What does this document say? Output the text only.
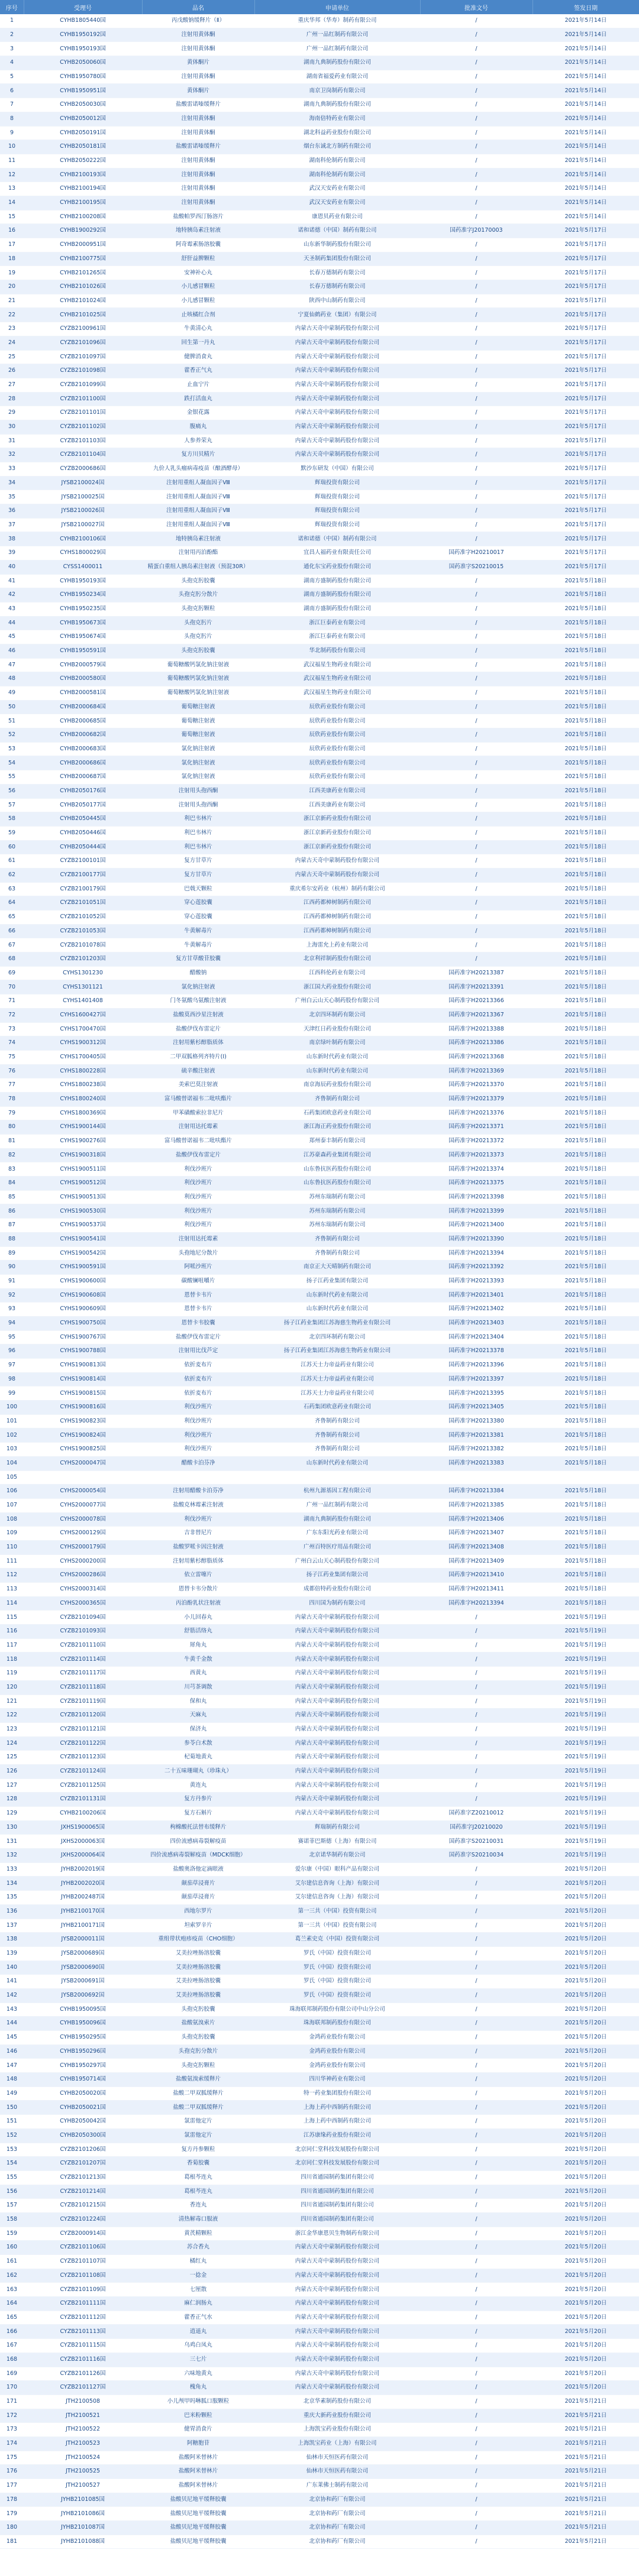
序号	受理号	品名	申请单位	批准文号	签发日期
1	CYHB1805440国	丙戊酸钠缓释片（Ⅱ）	重庆华邦（华寿）制药有限公司	/	2021年5月14日
2	CYHB1950192国	注射用黄体酮	广州一品红制药有限公司	/	2021年5月14日
3	CYHB1950193国	注射用黄体酮	广州一品红制药有限公司	/	2021年5月14日
4	CYHB2050060国	黄体酮片	湖南九典制药股份有限公司	/	2021年5月14日
5	CYHB1950780国	注射用黄体酮	湖南省福爱药业有限公司	/	2021年5月14日
6	CYHB1950951国	黄体酮片	南京卫岗制药有限公司	/	2021年5月14日
7	CYHB2050030国	盐酸雷诺嗪缓释片	湖南九典制药股份有限公司	/	2021年5月14日
8	CYHB2050012国	注射用黄体酮	海南倍特药业有限公司	/	2021年5月14日
9	CYHB2050191国	注射用黄体酮	湖北科益药业股份有限公司	/	2021年5月14日
10	CYHB2050181国	盐酸雷诺嗪缓释片	烟台东诚北方制药有限公司	/	2021年5月14日
11	CYHB2050222国	注射用黄体酮	湖南科伦制药有限公司	/	2021年5月14日
12	CYHB2100193国	注射用黄体酮	湖南科伦制药有限公司	/	2021年5月14日
13	CYHB2100194国	注射用黄体酮	武汉天安药业有限公司	/	2021年5月14日
14	CYHB2100195国	注射用黄体酮	武汉天安药业有限公司	/	2021年5月14日
15	CYHB2100208国	盐酸帕罗西汀肠溶片	康恩贝药业有限公司	/	2021年5月14日
16	CYHB1900292国	地特胰岛素注射液	诺和诺德（中国）制药有限公司	国药准字J20170003	2021年5月17日
17	CYHB2000951国	阿奇霉素肠溶胶囊	山东新华制药股份有限公司	/	2021年5月17日
18	CYHB2100775国	舒肝益脾颗粒	天圣制药集团股份有限公司	/	2021年5月17日
19	CYHB2101265国	安神补心丸	长春万德制药有限公司	/	2021年5月17日
20	CYHB2101026国	小儿感冒颗粒	长春万德制药有限公司	/	2021年5月17日
21	CYHB2101024国	小儿感冒颗粒	陕西中山制药有限公司	/	2021年5月17日
22	CYHB2101025国	止咳橘红合剂	宁夏仙鹤药业（集团）有限公司	/	2021年5月17日
23	CYZB2100961国	牛黄清心丸	内蒙古天奇中蒙制药股份有限公司	/	2021年5月17日
24	CYZB2101096国	回生第一丹丸	内蒙古天奇中蒙制药股份有限公司	/	2021年5月17日
25	CYZB2101097国	健脾消食丸	内蒙古天奇中蒙制药股份有限公司	/	2021年5月17日
26	CYZB2101098国	藿香正气丸	内蒙古天奇中蒙制药股份有限公司	/	2021年5月17日
27	CYZB2101099国	止血宁片	内蒙古天奇中蒙制药股份有限公司	/	2021年5月17日
28	CYZB2101100国	跌打活血丸	内蒙古天奇中蒙制药股份有限公司	/	2021年5月17日
29	CYZB2101101国	金银花露	内蒙古天奇中蒙制药股份有限公司	/	2021年5月17日
30	CYZB2101102国	腹痛丸	内蒙古天奇中蒙制药股份有限公司	/	2021年5月17日
31	CYZB2101103国	人参养荣丸	内蒙古天奇中蒙制药股份有限公司	/	2021年5月17日
32	CYZB2101104国	复方川贝精片	内蒙古天奇中蒙制药股份有限公司	/	2021年5月17日
33	CYZB2000686国	九价人乳头瘤病毒疫苗（酿酒酵母）	默沙东研发（中国）有限公司	/	2021年5月17日
34	JYSB2100024国	注射用重组人凝血因子Ⅷ	辉瑞投资有限公司	/	2021年5月17日
35	JYSB2100025国	注射用重组人凝血因子Ⅷ	辉瑞投资有限公司	/	2021年5月17日
36	JYSB2100026国	注射用重组人凝血因子Ⅷ	辉瑞投资有限公司	/	2021年5月17日
37	JYSB2100027国	注射用重组人凝血因子Ⅷ	辉瑞投资有限公司	/	2021年5月17日
38	CYHB2100106国	地特胰岛素注射液	诺和诺德（中国）制药有限公司	/	2021年5月17日
39	CYHS1800029国	注射用丙泊酚酯	宜昌人福药业有限责任公司	国药准字H20210017	2021年5月17日
40	CYSS1400011	精蛋白重组人胰岛素注射液（预混30R）	通化东宝药业股份有限公司	国药准字S20210015	2021年5月17日
41	CYHB1950193国	头孢克肟胶囊	湖南方盛制药股份有限公司	/	2021年5月18日
42	CYHB1950234国	头孢克肟分散片	湖南方盛制药股份有限公司	/	2021年5月18日
43	CYHB1950235国	头孢克肟颗粒	湖南方盛制药股份有限公司	/	2021年5月18日
44	CYHB1950673国	头孢克肟片	浙江巨泰药业有限公司	/	2021年5月18日
45	CYHB1950674国	头孢克肟片	浙江巨泰药业有限公司	/	2021年5月18日
46	CYHB1950591国	头孢克肟胶囊	华北制药股份有限公司	/	2021年5月18日
47	CYHB2000579国	葡萄糖酸钙氯化钠注射液	武汉福星生物药业有限公司	/	2021年5月18日
48	CYHB2000580国	葡萄糖酸钙氯化钠注射液	武汉福星生物药业有限公司	/	2021年5月18日
49	CYHB2000581国	葡萄糖酸钙氯化钠注射液	武汉福星生物药业有限公司	/	2021年5月18日
50	CYHB2000684国	葡萄糖注射液	辰欣药业股份有限公司	/	2021年5月18日
51	CYHB2000685国	葡萄糖注射液	辰欣药业股份有限公司	/	2021年5月18日
52	CYHB2000682国	葡萄糖注射液	辰欣药业股份有限公司	/	2021年5月18日
53	CYHB2000683国	氯化钠注射液	辰欣药业股份有限公司	/	2021年5月18日
54	CYHB2000686国	氯化钠注射液	辰欣药业股份有限公司	/	2021年5月18日
55	CYHB2000687国	氯化钠注射液	辰欣药业股份有限公司	/	2021年5月18日
56	CYHB2050176国	注射用头孢西酮	江西美康药业有限公司	/	2021年5月18日
57	CYHB2050177国	注射用头孢西酮	江西美康药业有限公司	/	2021年5月18日
58	CYHB2050445国	利巴韦林片	浙江京新药业股份有限公司	/	2021年5月18日
59	CYHB2050446国	利巴韦林片	浙江京新药业股份有限公司	/	2021年5月18日
60	CYHB2050444国	利巴韦林片	浙江京新药业股份有限公司	/	2021年5月18日
61	CYZB2100101国	复方甘草片	内蒙古天奇中蒙制药股份有限公司	/	2021年5月18日
62	CYZB2100177国	复方甘草片	内蒙古天奇中蒙制药股份有限公司	/	2021年5月18日
63	CYZB2100179国	巴戟天颗粒	重庆希尔安药业（杭州）制药有限公司	/	2021年5月18日
64	CYZB2101051国	穿心莲胶囊	江西药都樟树制药有限公司	/	2021年5月18日
65	CYZB2101052国	穿心莲胶囊	江西药都樟树制药有限公司	/	2021年5月18日
66	CYZB2101053国	牛黄解毒片	江西药都樟树制药有限公司	/	2021年5月18日
67	CYZB2101078国	牛黄解毒片	上海雷允上药业有限公司	/	2021年5月18日
68	CYZB2101203国	复方甘草酸苷胶囊	北京利祥制药股份有限公司	/	2021年5月18日
69	CYHS1301230	醋酸钠	江西科伦药业有限公司	国药准字H20213387	2021年5月18日
70	CYHS1301121	氯化钠注射液	浙江国大药业股份有限公司	国药准字H20213391	2021年5月18日
71	CYHS1401408	门冬氨酸乌氨酸注射液	广州白云山天心制药股份有限公司	国药准字H20213366	2021年5月18日
72	CYHS1600427国	盐酸莫西沙星注射液	北京四环制药有限公司	国药准字H20213367	2021年5月18日
73	CYHS1700470国	盐酸伊伐布雷定片	天津红日药业股份有限公司	国药准字H20213388	2021年5月18日
74	CYHS1900312国	注射用紫杉醇脂质体	南京绿叶制药有限公司	国药准字H20213386	2021年5月18日
75	CYHS1700405国	二甲双胍格列齐特片(Ⅰ)	山东新时代药业有限公司	国药准字H20213368	2021年5月18日
76	CYHS1800228国	硫辛酸注射液	山东新时代药业有限公司	国药准字H20213369	2021年5月18日
77	CYHS1800238国	美索巴莫注射液	南京海辰药业股份有限公司	国药准字H20213370	2021年5月18日
78	CYHS1800240国	富马酸替诺福韦二吡呋酯片	齐鲁制药有限公司	国药准字H20213379	2021年5月18日
79	CYHS1800369国	甲苯磺酸索拉非尼片	石药集团欧意药业有限公司	国药准字H20213376	2021年5月18日
80	CYHS1900144国	注射用达托霉素	浙江海正药业股份有限公司	国药准字H20213371	2021年5月18日
81	CYHS1900276国	富马酸替诺福韦二吡呋酯片	郑州泰丰制药有限公司	国药准字H20213372	2021年5月18日
82	CYHS1900318国	盐酸伊伐布雷定片	江苏豪森药业集团有限公司	国药准字H20213373	2021年5月18日
83	CYHS1900511国	利伐沙班片	山东鲁抗医药股份有限公司	国药准字H20213374	2021年5月18日
84	CYHS1900512国	利伐沙班片	山东鲁抗医药股份有限公司	国药准字H20213375	2021年5月18日
85	CYHS1900513国	利伐沙班片	苏州东瑞制药有限公司	国药准字H20213398	2021年5月18日
86	CYHS1900530国	利伐沙班片	苏州东瑞制药有限公司	国药准字H20213399	2021年5月18日
87	CYHS1900537国	利伐沙班片	苏州东瑞制药有限公司	国药准字H20213400	2021年5月18日
88	CYHS1900541国	注射用达托霉素	齐鲁制药有限公司	国药准字H20213390	2021年5月18日
89	CYHS1900542国	头孢地尼分散片	齐鲁制药有限公司	国药准字H20213394	2021年5月18日
90	CYHS1900591国	阿哌沙班片	南京正大天晴制药有限公司	国药准字H20213392	2021年5月18日
91	CYHS1900600国	碳酸镧咀嚼片	扬子江药业集团有限公司	国药准字H20213393	2021年5月18日
92	CYHS1900608国	恩替卡韦片	山东新时代药业有限公司	国药准字H20213401	2021年5月18日
93	CYHS1900609国	恩替卡韦片	山东新时代药业有限公司	国药准字H20213402	2021年5月18日
94	CYHS1900750国	恩替卡韦胶囊	扬子江药业集团江苏海慈生物药业有限公司	国药准字H20213403	2021年5月18日
95	CYHS1900767国	盐酸伊伐布雷定片	北京四环制药有限公司	国药准字H20213404	2021年5月18日
96	CYHS1900788国	注射用比伐芦定	扬子江药业集团江苏海慈生物药业有限公司	国药准字H20213378	2021年5月18日
97	CYHS1900813国	依折麦布片	江苏天士力帝益药业有限公司	国药准字H20213396	2021年5月18日
98	CYHS1900814国	依折麦布片	江苏天士力帝益药业有限公司	国药准字H20213397	2021年5月18日
99	CYHS1900815国	依折麦布片	江苏天士力帝益药业有限公司	国药准字H20213395	2021年5月18日
100	CYHS1900816国	利伐沙班片	石药集团欧意药业有限公司	国药准字H20213405	2021年5月18日
101	CYHS1900823国	利伐沙班片	齐鲁制药有限公司	国药准字H20213380	2021年5月18日
102	CYHS1900824国	利伐沙班片	齐鲁制药有限公司	国药准字H20213381	2021年5月18日
103	CYHS1900825国	利伐沙班片	齐鲁制药有限公司	国药准字H20213382	2021年5月18日
104	CYHS2000047国	醋酸卡泊芬净	山东新时代药业有限公司	国药准字H20213383	2021年5月18日
105					
106	CYHS2000054国	注射用醋酸卡泊芬净	杭州九源基因工程有限公司	国药准字H20213384	2021年5月18日
107	CYHS2000077国	盐酸克林霉素注射液	广州一品红制药有限公司	国药准字H20213385	2021年5月18日
108	CYHS2000078国	利伐沙班片	湖南九典制药股份有限公司	国药准字H20213406	2021年5月18日
109	CYHS2000129国	吉非替尼片	广东东阳光药业有限公司	国药准字H20213407	2021年5月18日
110	CYHS2000179国	盐酸罗哌卡因注射液	广州百特医疗用品有限公司	国药准字H20213408	2021年5月18日
111	CYHS2000200国	注射用紫杉醇脂质体	广州白云山天心制药股份有限公司	国药准字H20213409	2021年5月18日
112	CYHS2000286国	依立雷噻片	扬子江药业集团有限公司	国药准字H20213410	2021年5月18日
113	CYHS2000314国	恩替卡韦分散片	成都倍特药业股份有限公司	国药准字H20213411	2021年5月18日
114	CYHS2000365国	丙泊酚乳状注射液	四川国为制药有限公司	国药准字H20213394	2021年5月18日
115	CYZB2101094国	小儿回春丸	内蒙古天奇中蒙制药股份有限公司	/	2021年5月19日
116	CYZB2101093国	舒筋活络丸	内蒙古天奇中蒙制药股份有限公司	/	2021年5月19日
117	CYZB2101110国	犀角丸	内蒙古天奇中蒙制药股份有限公司	/	2021年5月19日
118	CYZB2101114国	牛黄千金散	内蒙古天奇中蒙制药股份有限公司	/	2021年5月19日
119	CYZB2101117国	西黄丸	内蒙古天奇中蒙制药股份有限公司	/	2021年5月19日
120	CYZB2101118国	川芎茶调散	内蒙古天奇中蒙制药股份有限公司	/	2021年5月19日
121	CYZB2101119国	保和丸	内蒙古天奇中蒙制药股份有限公司	/	2021年5月19日
122	CYZB2101120国	天麻丸	内蒙古天奇中蒙制药股份有限公司	/	2021年5月19日
123	CYZB2101121国	保济丸	内蒙古天奇中蒙制药股份有限公司	/	2021年5月19日
124	CYZB2101122国	参苓白术散	内蒙古天奇中蒙制药股份有限公司	/	2021年5月19日
125	CYZB2101123国	杞菊地黄丸	内蒙古天奇中蒙制药股份有限公司	/	2021年5月19日
126	CYZB2101124国	二十五味珊瑚丸（珍珠丸）	内蒙古天奇中蒙制药股份有限公司	/	2021年5月19日
127	CYZB2101125国	黄连丸	内蒙古天奇中蒙制药股份有限公司	/	2021年5月19日
128	CYZB2101131国	复方丹参片	内蒙古天奇中蒙制药股份有限公司	/	2021年5月19日
129	CYHB2100206国	复方石斛片	内蒙古天奇中蒙制药股份有限公司	国药准字Z20210012	2021年5月19日
130	JXHS1900065国	枸橼酸托法替布缓释片	辉瑞制药有限公司	国药准字J20210020	2021年5月19日
131	JXHS2000063国	四价流感病毒裂解疫苗	赛诺菲巴斯德（上海）有限公司	国药准字S20210031	2021年5月19日
132	JXHS2000064国	四价流感病毒裂解疫苗（MDCK细胞）	北京诺华制药有限公司	国药准字S20210034	2021年5月19日
133	JYHB2002019国	盐酸奥洛他定滴眼液	爱尔康（中国）眼科产品有限公司	/	2021年5月20日
134	JYHB2002020国	颠茄草浸膏片	艾尔建信息咨询（上海）有限公司	/	2021年5月20日
135	JYHB2002487国	颠茄草浸膏片	艾尔建信息咨询（上海）有限公司	/	2021年5月20日
136	JYHB2100170国	西地尔罗片	第一三共（中国）投资有限公司	/	2021年5月20日
137	JYHB2100171国	坦索罗辛片	第一三共（中国）投资有限公司	/	2021年5月20日
138	JYSB2000011国	重组带状疱疹疫苗（CHO细胞）	葛兰素史克（中国）投资有限公司	/	2021年5月20日
139	JYSB2000689国	艾美拉唑肠溶胶囊	罗氏（中国）投资有限公司	/	2021年5月20日
140	JYSB2000690国	艾美拉唑肠溶胶囊	罗氏（中国）投资有限公司	/	2021年5月20日
141	JYSB2000691国	艾美拉唑肠溶胶囊	罗氏（中国）投资有限公司	/	2021年5月20日
142	JYSB2000692国	艾美拉唑肠溶胶囊	罗氏（中国）投资有限公司	/	2021年5月20日
143	CYHB1950095国	头孢克肟胶囊	珠海联邦制药股份有限公司中山分公司	/	2021年5月20日
144	CYHB1950096国	盐酸氨溴索片	珠海联邦制药股份有限公司	/	2021年5月20日
145	CYHB1950295国	头孢克肟胶囊	金鸿药业股份有限公司	/	2021年5月20日
146	CYHB1950296国	头孢克肟分散片	金鸿药业股份有限公司	/	2021年5月20日
147	CYHB1950297国	头孢克肟颗粒	金鸿药业股份有限公司	/	2021年5月20日
148	CYHB1950714国	盐酸氨溴索缓释片	四川华神药业有限公司	/	2021年5月20日
149	CYHB2050020国	盐酸二甲双胍缓释片	特一药业集团股份有限公司	/	2021年5月20日
150	CYHB2050021国	盐酸二甲双胍缓释片	上海上药中西制药有限公司	/	2021年5月20日
151	CYHB2050042国	氯雷他定片	上海上药中西制药有限公司	/	2021年5月20日
152	CYHB2050300国	氯雷他定片	江苏康缘药业股份有限公司	/	2021年5月20日
153	CYZB2101206国	复方丹参颗粒	北京同仁堂科技发展股份有限公司	/	2021年5月20日
154	CYZB2101207国	香菊胶囊	北京同仁堂科技发展股份有限公司	/	2021年5月20日
155	CYZB2101213国	葛根芩连丸	四川省通园制药集团有限公司	/	2021年5月20日
156	CYZB2101214国	葛根芩连丸	四川省通园制药集团有限公司	/	2021年5月20日
157	CYZB2101215国	香连丸	四川省通园制药集团有限公司	/	2021年5月20日
158	CYZB2101224国	清热解毒口服液	四川省通园制药集团有限公司	/	2021年5月20日
159	CYZB2000914国	黄芪精颗粒	浙江金华康恩贝生物制药有限公司	/	2021年5月20日
160	CYZB2101106国	苏合香丸	内蒙古天奇中蒙制药股份有限公司	/	2021年5月20日
161	CYZB2101107国	橘红丸	内蒙古天奇中蒙制药股份有限公司	/	2021年5月20日
162	CYZB2101108国	一捻金	内蒙古天奇中蒙制药股份有限公司	/	2021年5月20日
163	CYZB2101109国	七厘散	内蒙古天奇中蒙制药股份有限公司	/	2021年5月20日
164	CYZB2101111国	麻仁润肠丸	内蒙古天奇中蒙制药股份有限公司	/	2021年5月20日
165	CYZB2101112国	藿香正气水	内蒙古天奇中蒙制药股份有限公司	/	2021年5月20日
166	CYZB2101113国	逍遥丸	内蒙古天奇中蒙制药股份有限公司	/	2021年5月20日
167	CYZB2101115国	乌鸡白凤丸	内蒙古天奇中蒙制药股份有限公司	/	2021年5月20日
168	CYZB2101116国	三七片	内蒙古天奇中蒙制药股份有限公司	/	2021年5月20日
169	CYZB2101126国	六味地黄丸	内蒙古天奇中蒙制药股份有限公司	/	2021年5月20日
170	CYZB2101127国	槐角丸	内蒙古天奇中蒙制药股份有限公司	/	2021年5月20日
171	JTH2100508	小儿颅甲吗啉胍口服颗粒	北京华素制药股份有限公司	/	2021年5月21日
172	JTH2100521	巴米粉颗粒	重庆大新药业股份有限公司	/	2021年5月21日
173	JTH2100522	健胃消食片	上海凯宝药业股份有限公司	/	2021年5月21日
174	JTH2100523	阿糖胞苷	上海凯宝药业（上海）有限公司	/	2021年5月21日
175	JTH2100524	盐酸阿米替林片	仙林市天恒医药有限公司	/	2021年5月21日
176	JTH2100525	盐酸阿米替林片	仙林市天恒医药有限公司	/	2021年5月21日
177	JTH2100527	盐酸阿米替林片	广东莱佛士制药有限公司	/	2021年5月21日
178	JYHB2101085国	盐酸贝尼地平缓释胶囊	北京协和药厂有限公司	/	2021年5月21日
179	JYHB2101086国	盐酸贝尼地平缓释胶囊	北京协和药厂有限公司	/	2021年5月21日
180	JYHB2101087国	盐酸贝尼地平缓释胶囊	北京协和药厂有限公司	/	2021年5月21日
181	JYHB2101088国	盐酸贝尼地平缓释胶囊	北京协和药厂有限公司	/	2021年5月21日
